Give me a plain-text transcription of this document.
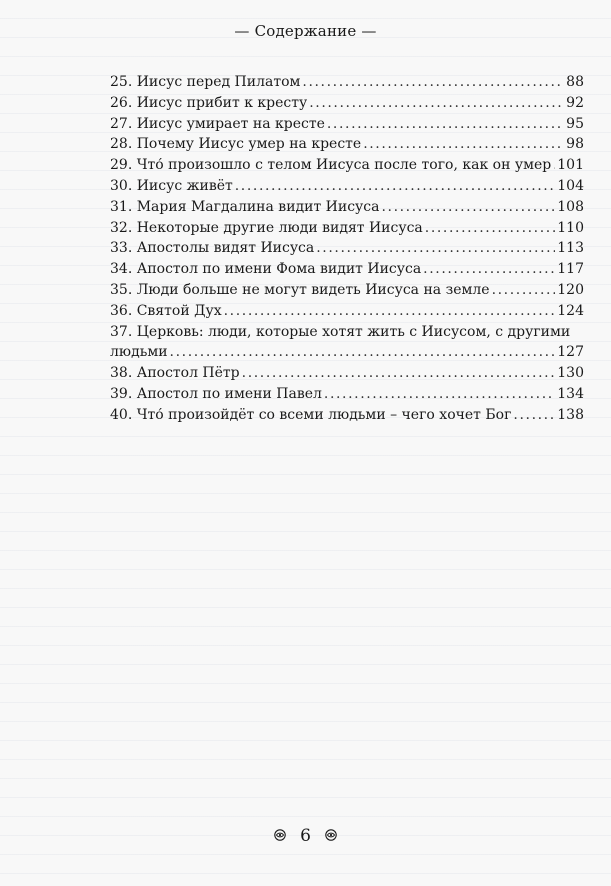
— Содержание —
25. Иисус перед Пилатом .....	88
26. Иисус прибит к кресту .....	92
27. Иисус умирает на кресте .....	95
28. Почему Иисус умер на кресте .....	98
29. Что́ произошло с телом Иисуса после того, как он умер ..... 101
30. Иисус живёт .....	104
31. Мария Магдалина видит Иисуса .....	108
32. Некоторые другие люди видят Иисуса .....	110
33. Апостолы видят Иисуса .....	113
34. Апостол по имени Фома видит Иисуса .....	117
35. Люди больше не могут видеть Иисуса на земле .....	120
36. Святой Дух .....	124
37. Церковь: люди, которые хотят жить с Иисусом, с другими
людьми .....	127
38. Апостол Пётр .....	130
39. Апостол по имени Павел .....	134
40. Что́ произойдёт со всеми людьми – чего хочет Бог .....	138
6
